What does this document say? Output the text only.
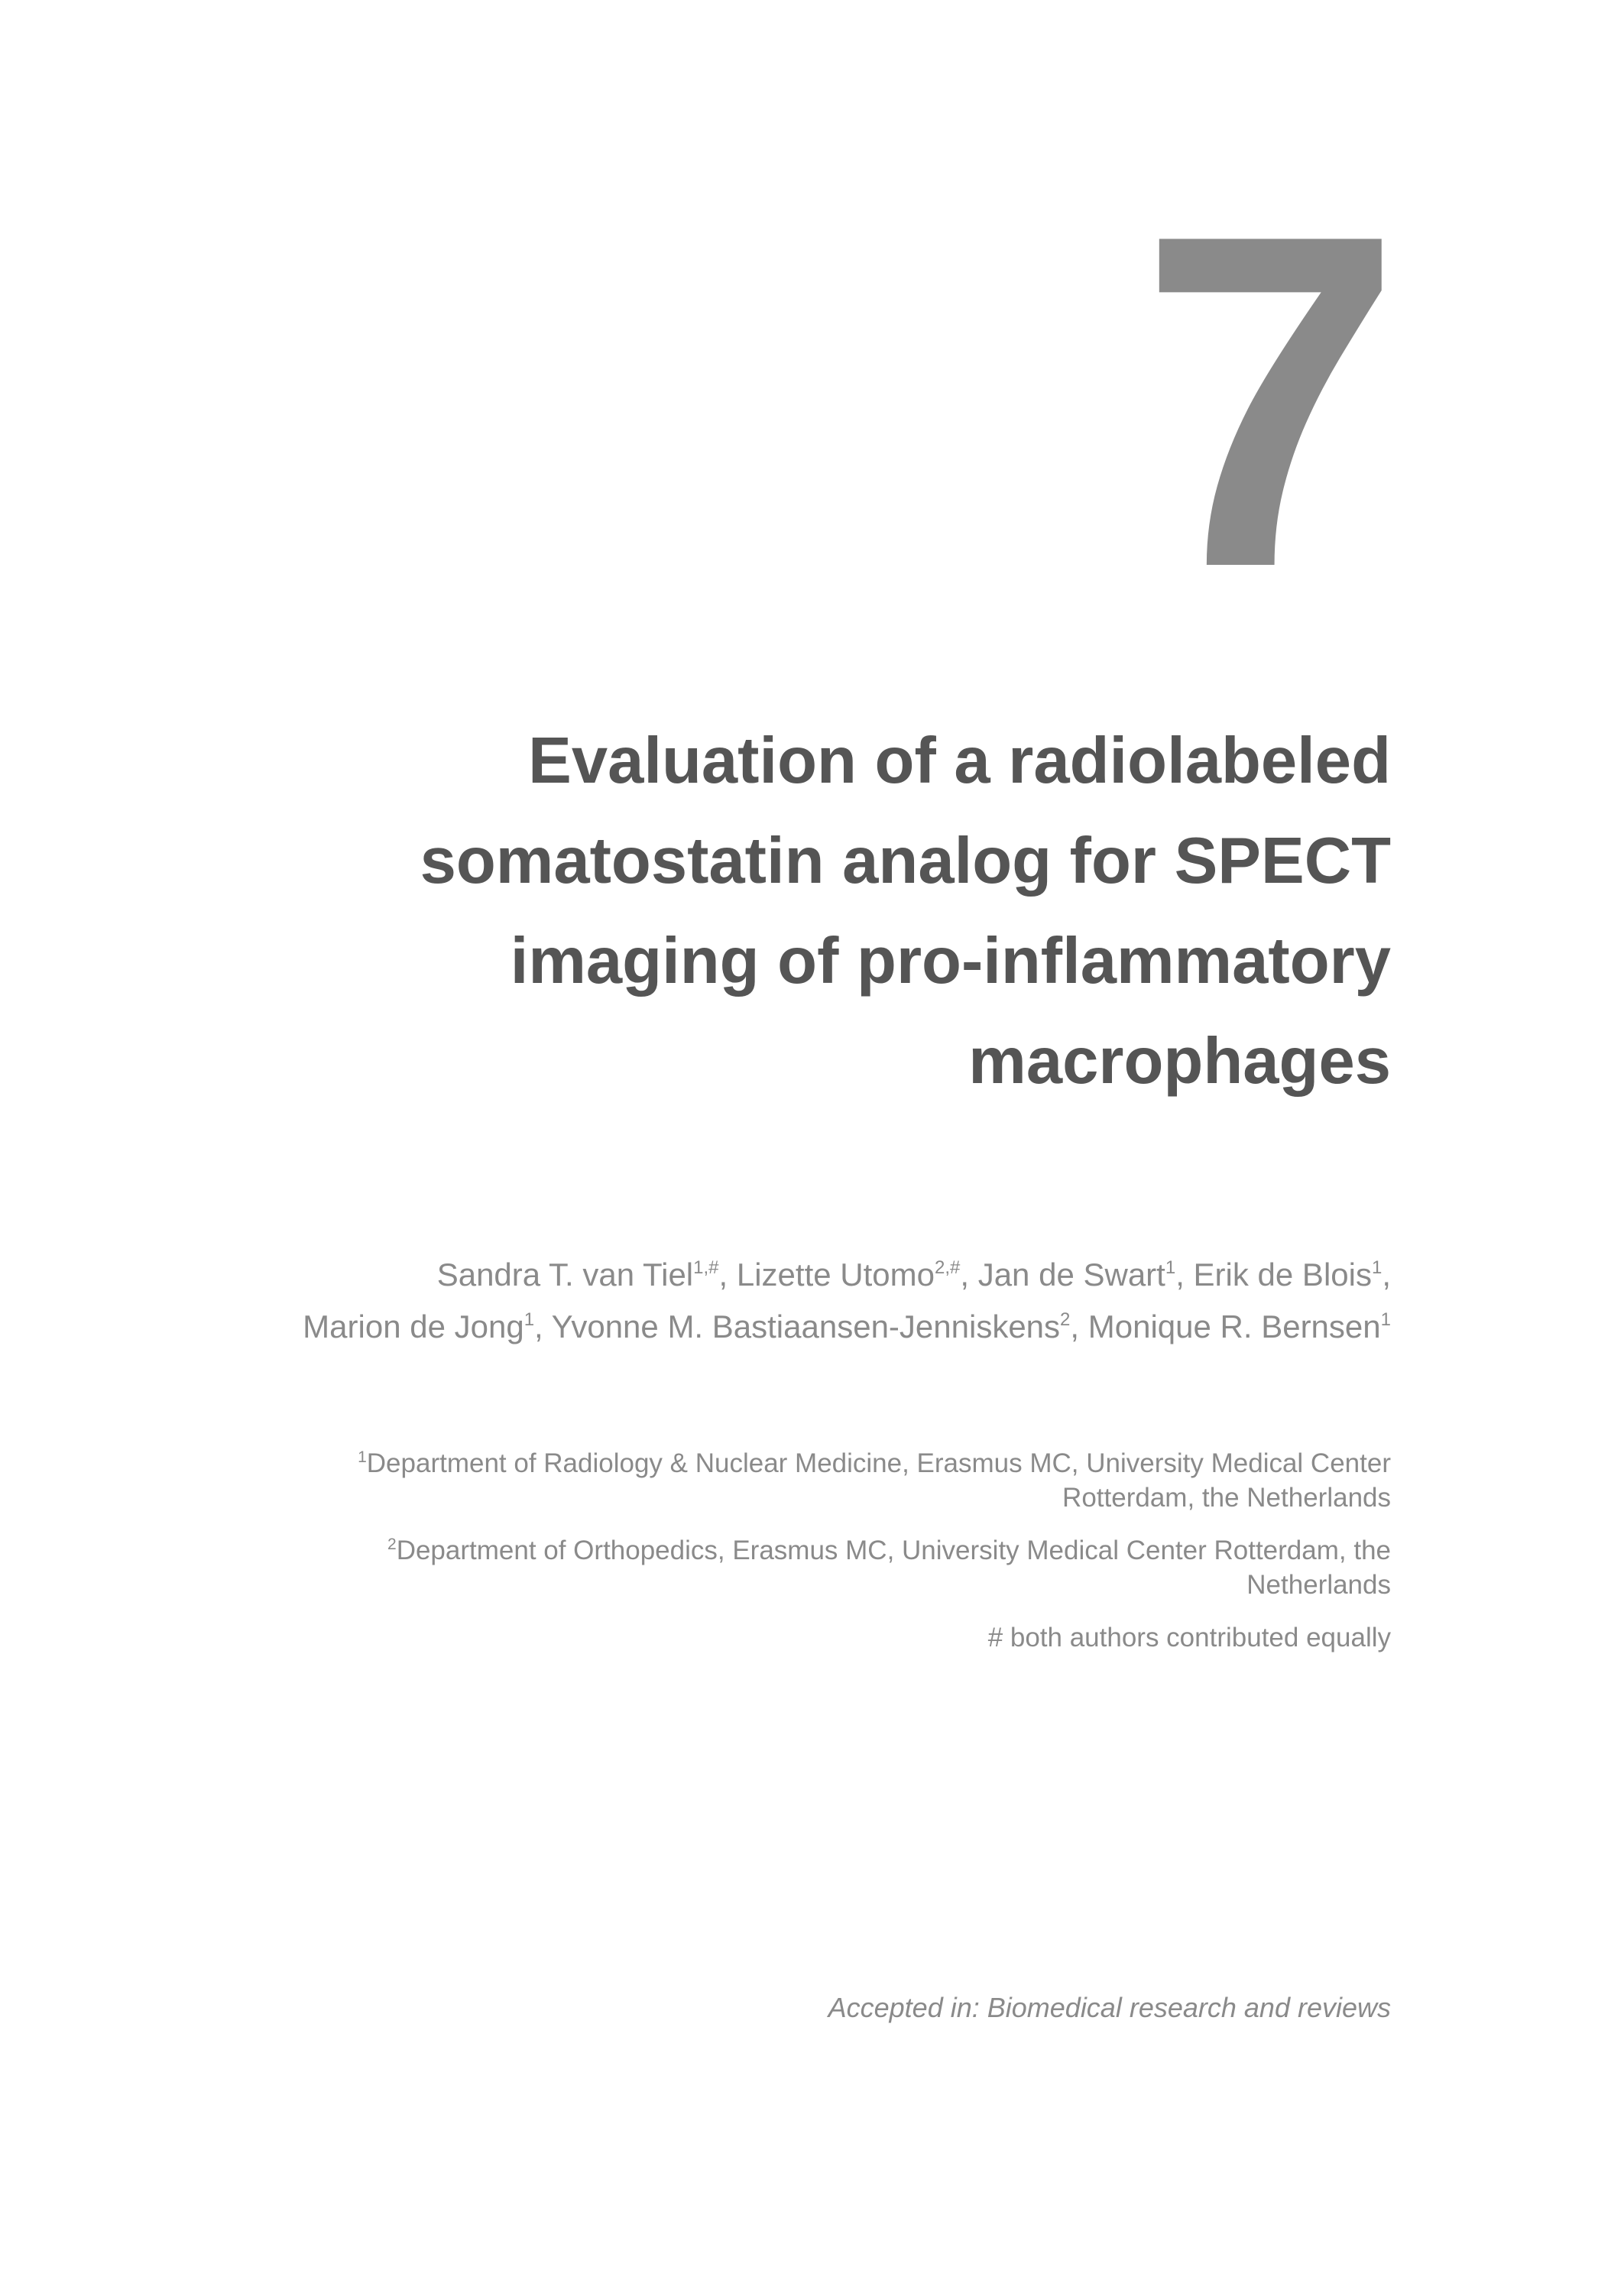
7
Evaluation of a radiolabeled
somatostatin analog for SPECT
imaging of pro-inflammatory
macrophages

Sandra T. van Tiel$^{1,\#}$, Lizette Utomo$^{2,\#}$, Jan de Swart$^1$, Erik de Blois$^1$,
Marion de Jong$^1$, Yvonne M. Bastiaansen-Jenniskens$^2$, Monique R. Bernsen$^1$

$^1$Department of Radiology & Nuclear Medicine, Erasmus MC, University Medical Center
Rotterdam, the Netherlands

$^2$Department of Orthopedics, Erasmus MC, University Medical Center Rotterdam, the
Netherlands

# both authors contributed equally

Accepted in: Biomedical research and reviews
